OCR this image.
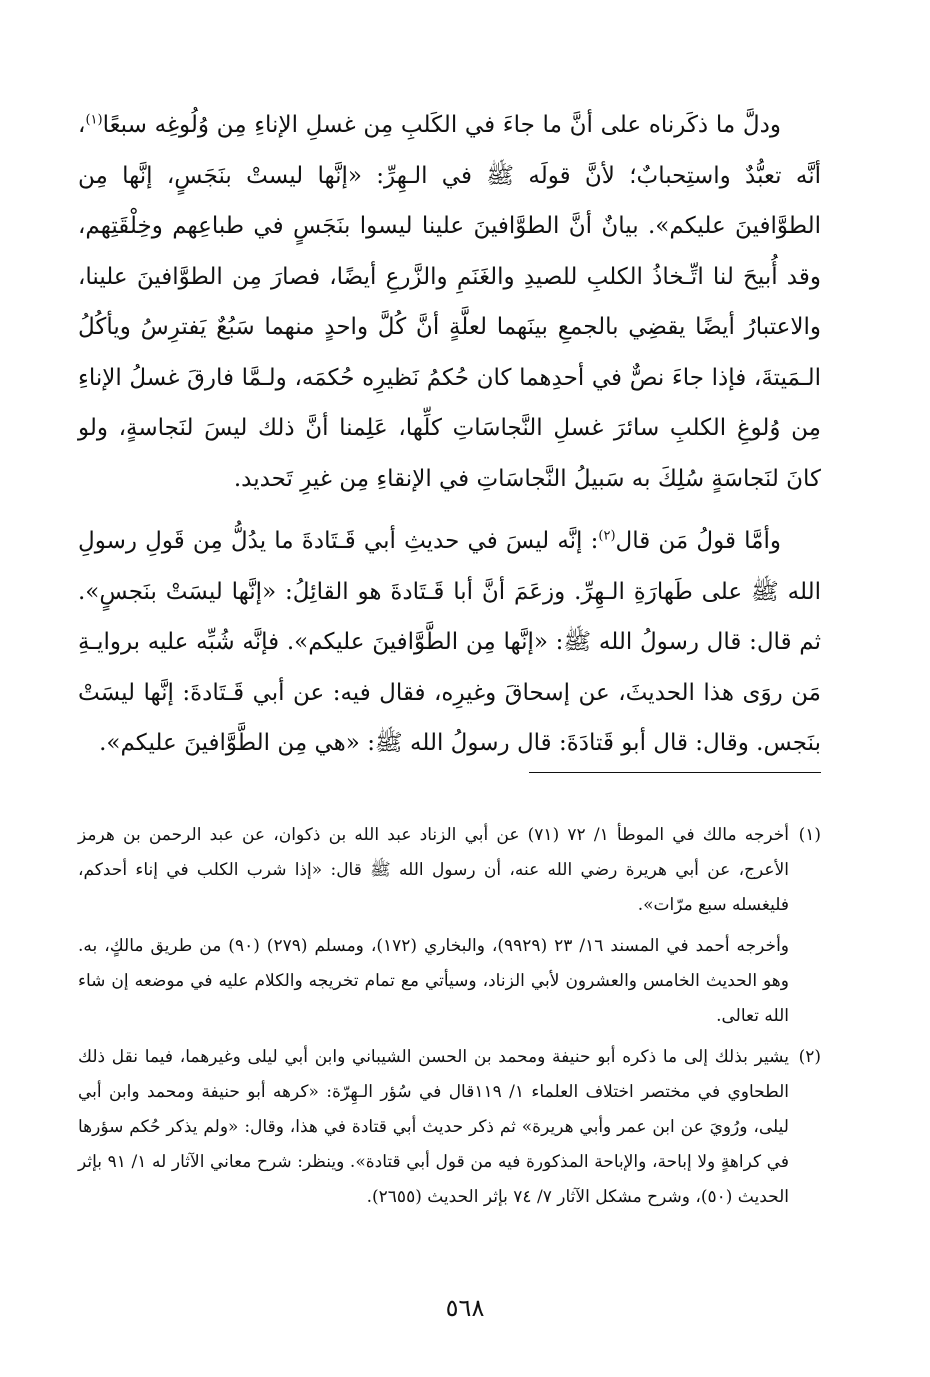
ودلَّ ما ذكَرناه على أنَّ ما جاءَ في الكَلبِ مِن غسلِ الإناءِ مِن وُلُوغِه سبعًا$^{(١)}$، أنَّه تعبُّدٌ واستِحبابٌ؛ لأنَّ قولَه ﷺ في الـهِرِّ: «إنَّها ليستْ بنَجَسٍ، إنَّها مِن الطوَّافينَ عليكم». بيانٌ أنَّ الطوَّافينَ علينا ليسوا بنَجَسٍ في طباعِهم وخِلْقَتِهم، وقد أُبيحَ لنا اتِّـخاذُ الكلبِ للصيدِ والغَنَمِ والزَّرعِ أيضًا، فصارَ مِن الطوَّافينَ علينا، والاعتبارُ أيضًا يقضِي بالجمعِ بينَهما لعلَّةٍ أنَّ كُلَّ واحدٍ منهما سَبُعٌ يَفترِسُ ويأكُلُ الـمَيتةَ، فإذا جاءَ نصٌّ في أحدِهما كان حُكمُ نَظيرِه حُكمَه، ولـمَّا فارقَ غسلُ الإناءِ مِن وُلوغِ الكلبِ سائرَ غسلِ النَّجاسَاتِ كلِّها، عَلِمنا أنَّ ذلك ليسَ لنَجاسةٍ، ولو كانَ لنَجاسَةٍ سُلِكَ به سَبيلُ النَّجاسَاتِ في الإنقاءِ مِن غيرِ تَحديد.

وأمَّا قولُ مَن قال$^{(٢)}$: إنَّه ليسَ في حديثِ أبي قَـتَادةَ ما يدُلُّ مِن قَولِ رسولِ الله ﷺ على طَهارَةِ الـهِرِّ. وزعَمَ أنَّ أبا قَـتَادةَ هو القائِلُ: «إنَّها ليسَتْ بنَجسٍ». ثم قال: قال رسولُ الله ﷺ: «إنَّها مِن الطَّوَّافينَ عليكم». فإنَّه شُبِّه عليه بروايـةِ مَن روَى هذا الحديثَ، عن إسحاقَ وغيرِه، فقال فيه: عن أبي قَـتَادةَ: إنَّها ليسَتْ بنَجس. وقال: قال أبو قَتادَةَ: قال رسولُ الله ﷺ: «هي مِن الطَّوَّافينَ عليكم».

(١)
أخرجه مالك في الموطأ ١/ ٧٢ (٧١) عن أبي الزناد عبد الله بن ذكوان، عن عبد الرحمن بن هرمز الأعرج، عن أبي هريرة رضي الله عنه، أن رسول الله ﷺ قال: «إذا شرب الكلب في إناء أحدكم، فليغسله سبع مرّات».

وأخرجه أحمد في المسند ١٦/ ٢٣ (٩٩٢٩)، والبخاري (١٧٢)، ومسلم (٢٧٩) (٩٠) من طريق مالكٍ، به. وهو الحديث الخامس والعشرون لأبي الزناد، وسيأتي مع تمام تخريجه والكلام عليه في موضعه إن شاء الله تعالى.

(٢)
يشير بذلك إلى ما ذكره أبو حنيفة ومحمد بن الحسن الشيباني وابن أبي ليلى وغيرهما، فيما نقل ذلك الطحاوي في مختصر اختلاف العلماء ١/ ١١٩قال في سُؤر الـهِرّة: «كرهه أبو حنيفة ومحمد وابن أبي ليلى، ورُويَ عن ابن عمر وأبي هريرة» ثم ذكر حديث أبي قتادة في هذا، وقال: «ولم يذكر حُكم سؤرها في كراهةٍ ولا إباحة، والإباحة المذكورة فيه من قول أبي قتادة». وينظر: شرح معاني الآثار له ١/ ٩١ بإثر الحديث (٥٠)، وشرح مشكل الآثار ٧/ ٧٤ بإثر الحديث (٢٦٥٥).

٥٦٨
